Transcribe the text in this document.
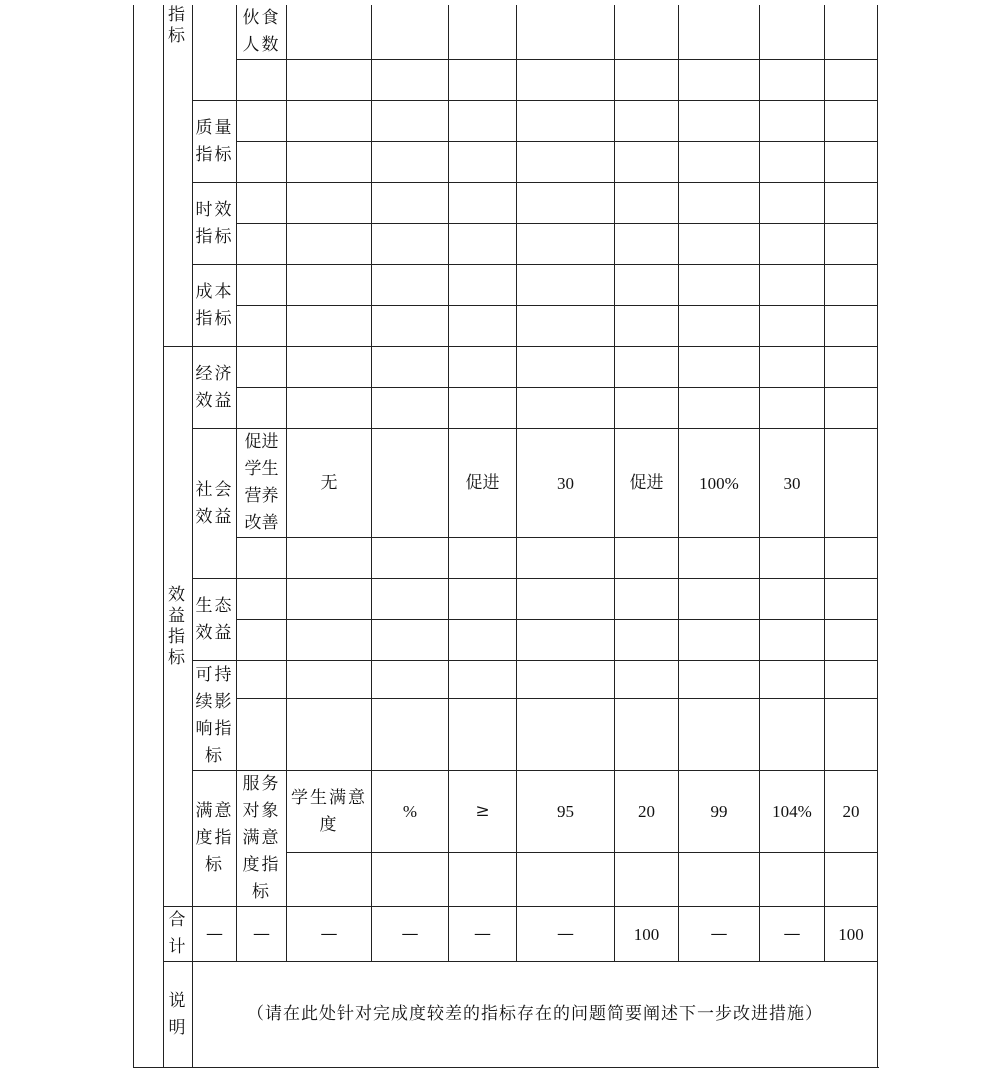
	指标		伙食人数									

		质量指标										

		时效指标										

		成本指标										

	效益指标	经济效益										

		社会效益	促进学生营养改善	无		促进	30	促进	100%	30		

		生态效益										

		可持续影响指标										

		满意度指标	服务对象满意度指标	学生满意度	%	≥	95	20	99	104%	20	

	合计	—	—	—	—	—	—	100	—	—	100	
	说明	（请在此处针对完成度较差的指标存在的问题简要阐述下一步改进措施）										
